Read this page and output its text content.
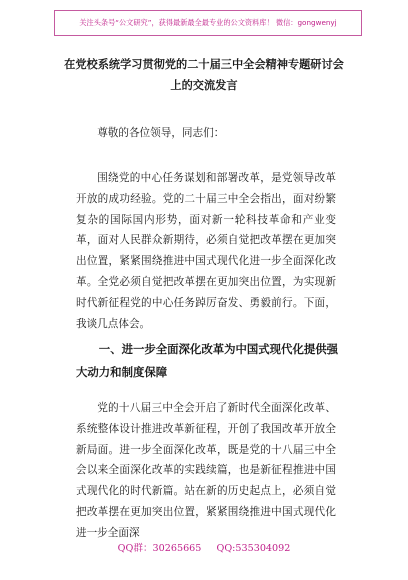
关注头条号“公文研究”，获得最新最全最专业的公文资料库！ 微信：gongwenyj
在党校系统学习贯彻党的二十届三中全会精神专题研讨会
上的交流发言
尊敬的各位领导，同志们：
围绕党的中心任务谋划和部署改革，是党领导改革开放的成功经验。党的二十届三中全会指出，面对纷繁复杂的国际国内形势，面对新一轮科技革命和产业变革，面对人民群众新期待，必须自觉把改革摆在更加突出位置，紧紧围绕推进中国式现代化进一步全面深化改革。全党必须自觉把改革摆在更加突出位置，为实现新时代新征程党的中心任务踔厉奋发、勇毅前行。下面，我谈几点体会。
一、进一步全面深化改革为中国式现代化提供强大动力和制度保障
党的十八届三中全会开启了新时代全面深化改革、系统整体设计推进改革新征程，开创了我国改革开放全新局面。进一步全面深化改革，既是党的十八届三中全会以来全面深化改革的实践续篇，也是新征程推进中国式现代化的时代新篇。站在新的历史起点上，必须自觉把改革摆在更加突出位置，紧紧围绕推进中国式现代化进一步全面深
QQ群：30265665 QQ:535304092
